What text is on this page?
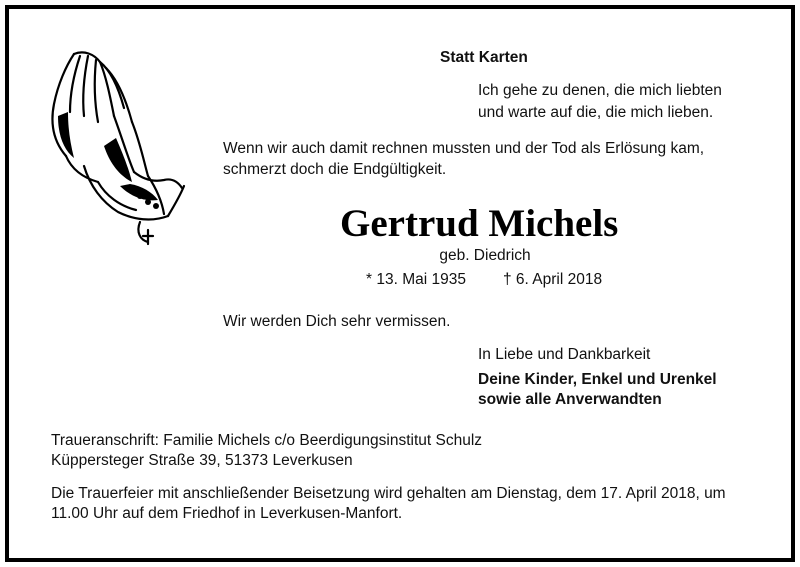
Statt Karten
Ich gehe zu denen, die mich liebten
und warte auf die, die mich lieben.
Wenn wir auch damit rechnen mussten und der Tod als Erlösung kam,
schmerzt doch die Endgültigkeit.
Gertrud Michels
geb. Diedrich
* 13. Mai 1935 † 6. April 2018
Wir werden Dich sehr vermissen.
In Liebe und Dankbarkeit
Deine Kinder, Enkel und Urenkel
sowie alle Anverwandten
Traueranschrift: Familie Michels c/o Beerdigungsinstitut Schulz
Küppersteger Straße 39, 51373 Leverkusen
Die Trauerfeier mit anschließender Beisetzung wird gehalten am Dienstag, dem 17. April 2018, um
11.00 Uhr auf dem Friedhof in Leverkusen-Manfort.
